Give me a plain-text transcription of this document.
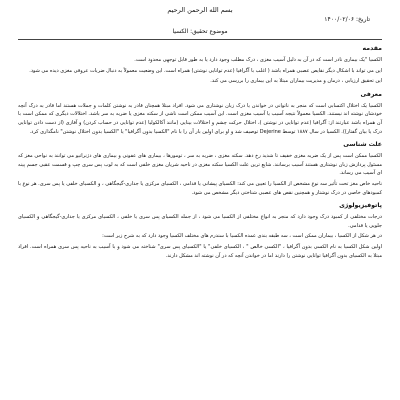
بسم الله الرحمن الرحیم
تاریخ: ۱۴۰۰/۰۲/۰۶
موضوع تحقیق: الکسیا
مقدمه

الکسیا "یک بیماری نادر است که در آن به دلیل آسیب مغزی ، درک مطلب وجود دارد یا به طور قابل توجهی محدود است.

این می تواند با اشکال دیگر نقایص عصبی همراه باشد ( اغلب با آگرافیا (عدم توانایی نوشتن) همراه است. این وضعیت معمولاً به دنبال ضربات عروقی مغزی دیده می شود.

این تحقیق ارزیابی ، درمان و مدیریت بیماران مبتلا به این بیماری را بررسی می کند.

معرفی

الکسیا یک اختلال اکتسابی است که منجر به ناتوانی در خواندن یا درک زبان نوشتاری می شود. افراد مبتلا همچنان قادر به نوشتن کلمات و جملات هستند اما قادر به درک آنچه خودشان نوشته اند نیستند. الکسیا معمولاً نتیجه آسیب یا آسیب مغزی است. این آسیب ممکن است ناشی از سکته مغزی یا ضربه به سر باشد. اختلالات دیگری که ممکن است با آن همراه باشد عبارتند از: آگرافیا (عدم توانایی در نوشتن )، اختلال حرکت چشم و اختلالات بینایی (مانند آکالکولیا (عدم توانایی در حساب کردن) و آفازی (از دست دادن توانایی درک یا بیان گفتار)). الکسیا در سال ۱۸۸۷ توسط Dejerine توصیف شد و او برای اولین بار آن را با نام "الکسیا بدون آگرافیا" یا "الکسیا بدون اختلال نوشتن" نامگذاری کرد.

علت شناسی

الکسیا ممکن است پس از یک ضربه مغزی خفیف تا شدید رخ دهد. سکته مغزی ، ضربه به سر ، تومورها ، بیماری های عفونی و بیماری های دژنراتیو می توانند به نواحی مغز که مسئول پردازش زبان نوشتاری هستند آسیب برسانند. شایع ترین علت الکسیا سکته مغزی در ناحیه شریان مغزی خلفی است که به لوب پس سری چپ و قسمت عقبی جسم پینه ای آسیب می رساند.

ناحیه خاص مغز تحت تأثیر سه نوع مشخص از الکسیا را تعیین می کند: الکسیای پیشانی یا قدامی ، الکسیای مرکزی یا جداری-گیجگاهی ، و الکسیای خلفی یا پس سری. هر نوع با کمبودهای خاصی در درک نوشتار و همچنین نقص های عصبی شناختی دیگر مشخص می شود.

پاتوفیزیولوژی

درجات مختلفی از کمبود درک وجود دارد که منجر به انواع مختلفی از الکسیا می شود ، از جمله الکسیای پس سری یا خلفی ، الکسیای مرکزی یا جداری-گیجگاهی و الکسیای جلویی یا قدامی.

در هر شکل از الکسیا ، بیماران ممکن است ، سه طبقه بندی عمده الکسیا با سندرم های مختلف الکسیا وجود دارد که به شرح زیر است:

اولین شکل الکسیا به نام الکسی بدون آگرافیا ، "الکسی خالص " ، الکسیای خلفی" یا "الکسیای پس سری" شناخته می شود و با آسیب به ناحیه پس سری همراه است. افراد مبتلا به الکسیای بدون آگرافیا توانایی نوشتن را دارند اما در خواندن آنچه که در آن نوشته اند مشکل دارند.
